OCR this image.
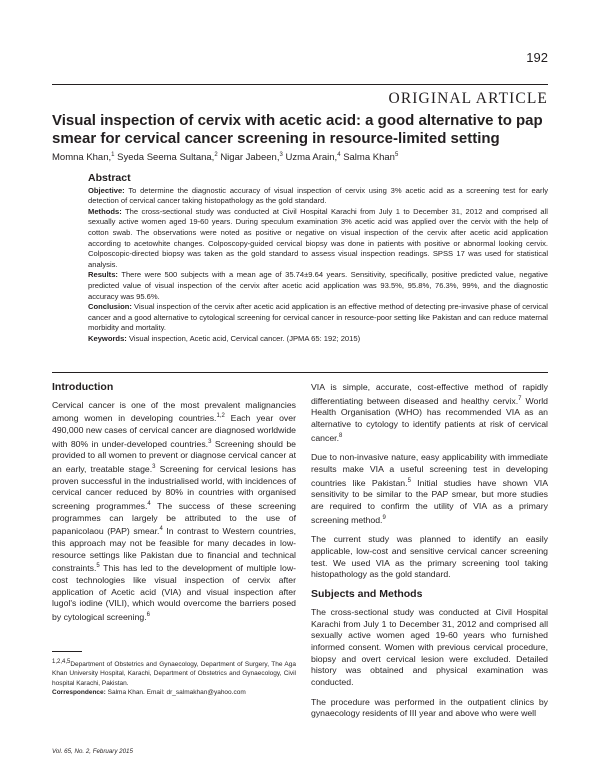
192
ORIGINAL ARTICLE
Visual inspection of cervix with acetic acid: a good alternative to pap smear for cervical cancer screening in resource-limited setting
Momna Khan,$^1$ Syeda Seema Sultana,$^2$ Nigar Jabeen,$^3$ Uzma Arain,$^4$ Salma Khan$^5$
Abstract

Objective: To determine the diagnostic accuracy of visual inspection of cervix using 3% acetic acid as a screening test for early detection of cervical cancer taking histopathology as the gold standard.

Methods: The cross-sectional study was conducted at Civil Hospital Karachi from July 1 to December 31, 2012 and comprised all sexually active women aged 19-60 years. During speculum examination 3% acetic acid was applied over the cervix with the help of cotton swab. The observations were noted as positive or negative on visual inspection of the cervix after acetic acid application according to acetowhite changes. Colposcopy-guided cervical biopsy was done in patients with positive or abnormal looking cervix. Colposcopic-directed biopsy was taken as the gold standard to assess visual inspection readings. SPSS 17 was used for statistical analysis.

Results: There were 500 subjects with a mean age of 35.74±9.64 years. Sensitivity, specifically, positive predicted value, negative predicted value of visual inspection of the cervix after acetic acid application was 93.5%, 95.8%, 76.3%, 99%, and the diagnostic accuracy was 95.6%.

Conclusion: Visual inspection of the cervix after acetic acid application is an effective method of detecting pre-invasive phase of cervical cancer and a good alternative to cytological screening for cervical cancer in resource-poor setting like Pakistan and can reduce maternal morbidity and mortality.

Keywords: Visual inspection, Acetic acid, Cervical cancer. (JPMA 65: 192; 2015)

Introduction

Cervical cancer is one of the most prevalent malignancies among women in developing countries.$^{1,2}$ Each year over 490,000 new cases of cervical cancer are diagnosed worldwide with 80% in under-developed countries.$^3$ Screening should be provided to all women to prevent or diagnose cervical cancer at an early, treatable stage.$^3$ Screening for cervical lesions has proven successful in the industrialised world, with incidences of cervical cancer reduced by 80% in countries with organised screening programmes.$^4$ The success of these screening programmes can largely be attributed to the use of papanicolaou (PAP) smear.$^4$ In contrast to Western countries, this approach may not be feasible for many decades in low-resource settings like Pakistan due to financial and technical constraints.$^5$ This has led to the development of multiple low-cost technologies like visual inspection of cervix after application of Acetic acid (VIA) and visual inspection after lugol's iodine (VILI), which would overcome the barriers posed by cytological screening.$^6$

VIA is simple, accurate, cost-effective method of rapidly differentiating between diseased and healthy cervix.$^7$ World Health Organisation (WHO) has recommended VIA as an alternative to cytology to identify patients at risk of cervical cancer.$^8$

Due to non-invasive nature, easy applicability with immediate results make VIA a useful screening test in developing countries like Pakistan.$^5$ Initial studies have shown VIA sensitivity to be similar to the PAP smear, but more studies are required to confirm the utility of VIA as a primary screening method.$^9$

The current study was planned to identify an easily applicable, low-cost and sensitive cervical cancer screening test. We used VIA as the primary screening tool taking histopathology as the gold standard.

Subjects and Methods

The cross-sectional study was conducted at Civil Hospital Karachi from July 1 to December 31, 2012 and comprised all sexually active women aged 19-60 years who furnished informed consent. Women with previous cervical procedure, biopsy and overt cervical lesion were excluded. Detailed history was obtained and physical examination was conducted.

The procedure was performed in the outpatient clinics by gynaecology residents of III year and above who were well

$^{1,2,4,5}$Department of Obstetrics and Gynaecology, Department of Surgery, The Aga Khan University Hospital, Karachi, Department of Obstetrics and Gynaecology, Civil hospital Karachi, Pakistan.

Correspondence: Salma Khan. Email: dr_salmakhan@yahoo.com

Vol. 65, No. 2, February 2015
